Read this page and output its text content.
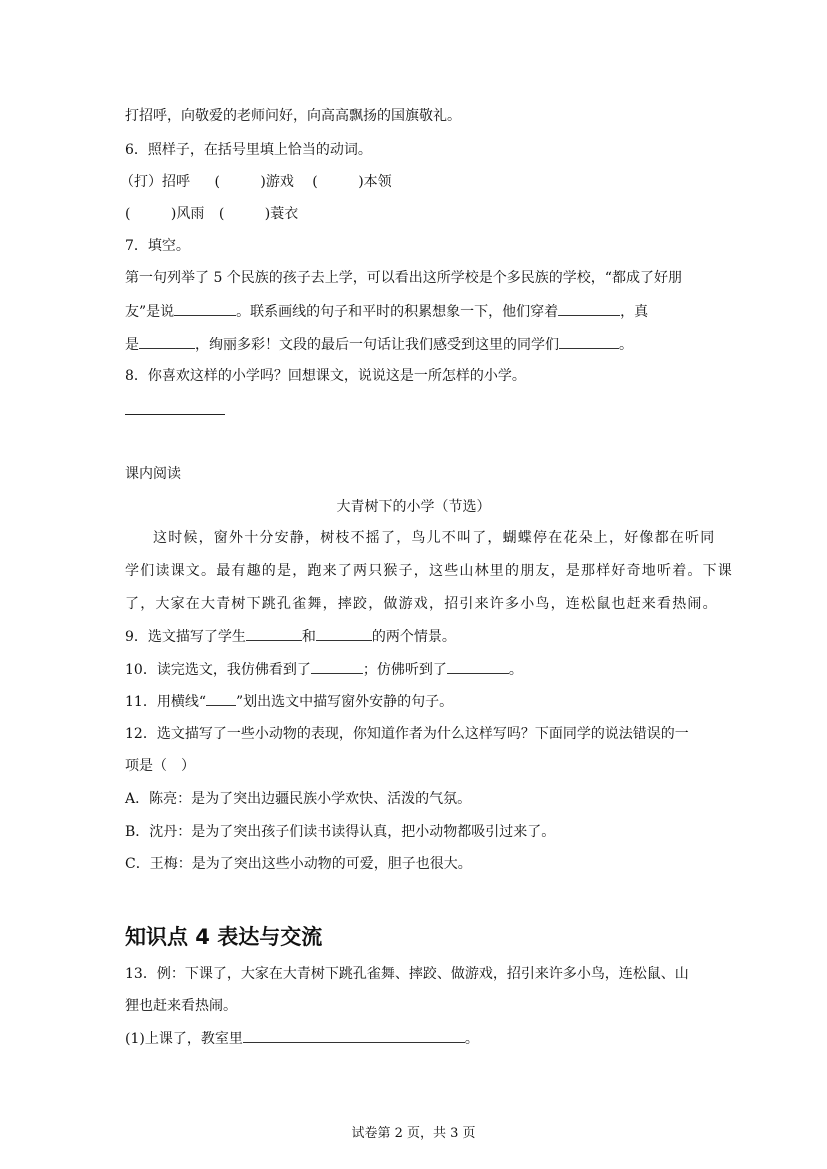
打招呼，向敬爱的老师问好，向高高飘扬的国旗敬礼。
6．照样子，在括号里填上恰当的动词。
（打）招呼 (	)游戏 (	)本领
(	)风雨 (	)蓑衣
7．填空。
第一句列举了 5 个民族的孩子去上学，可以看出这所学校是个多民族的学校，“都成了好朋
友”是说	。联系画线的句子和平时的积累想象一下，他们穿着	，真
是	，绚丽多彩！文段的最后一句话让我们感受到这里的同学们	。
8．你喜欢这样的小学吗？回想课文，说说这是一所怎样的小学。
课内阅读
大青树下的小学（节选）
这时候，窗外十分安静，树枝不摇了，鸟儿不叫了，蝴蝶停在花朵上，好像都在听同
学们读课文。最有趣的是，跑来了两只猴子，这些山林里的朋友，是那样好奇地听着。下课
了，大家在大青树下跳孔雀舞，摔跤，做游戏，招引来许多小鸟，连松鼠也赶来看热闹。
9．选文描写了学生	和	的两个情景。
10．读完选文，我仿佛看到了	；仿佛听到了	。
11．用横线“ ”划出选文中描写窗外安静的句子。
12．选文描写了一些小动物的表现，你知道作者为什么这样写吗？下面同学的说法错误的一
项是（　）
A．陈亮：是为了突出边疆民族小学欢快、活泼的气氛。
B．沈丹：是为了突出孩子们读书读得认真，把小动物都吸引过来了。
C．王梅：是为了突出这些小动物的可爱，胆子也很大。
知识点 4 表达与交流
13．例：下课了，大家在大青树下跳孔雀舞、摔跤、做游戏，招引来许多小鸟，连松鼠、山
狸也赶来看热闹。
(1)上课了，教室里	。
试卷第 2 页，共 3 页
